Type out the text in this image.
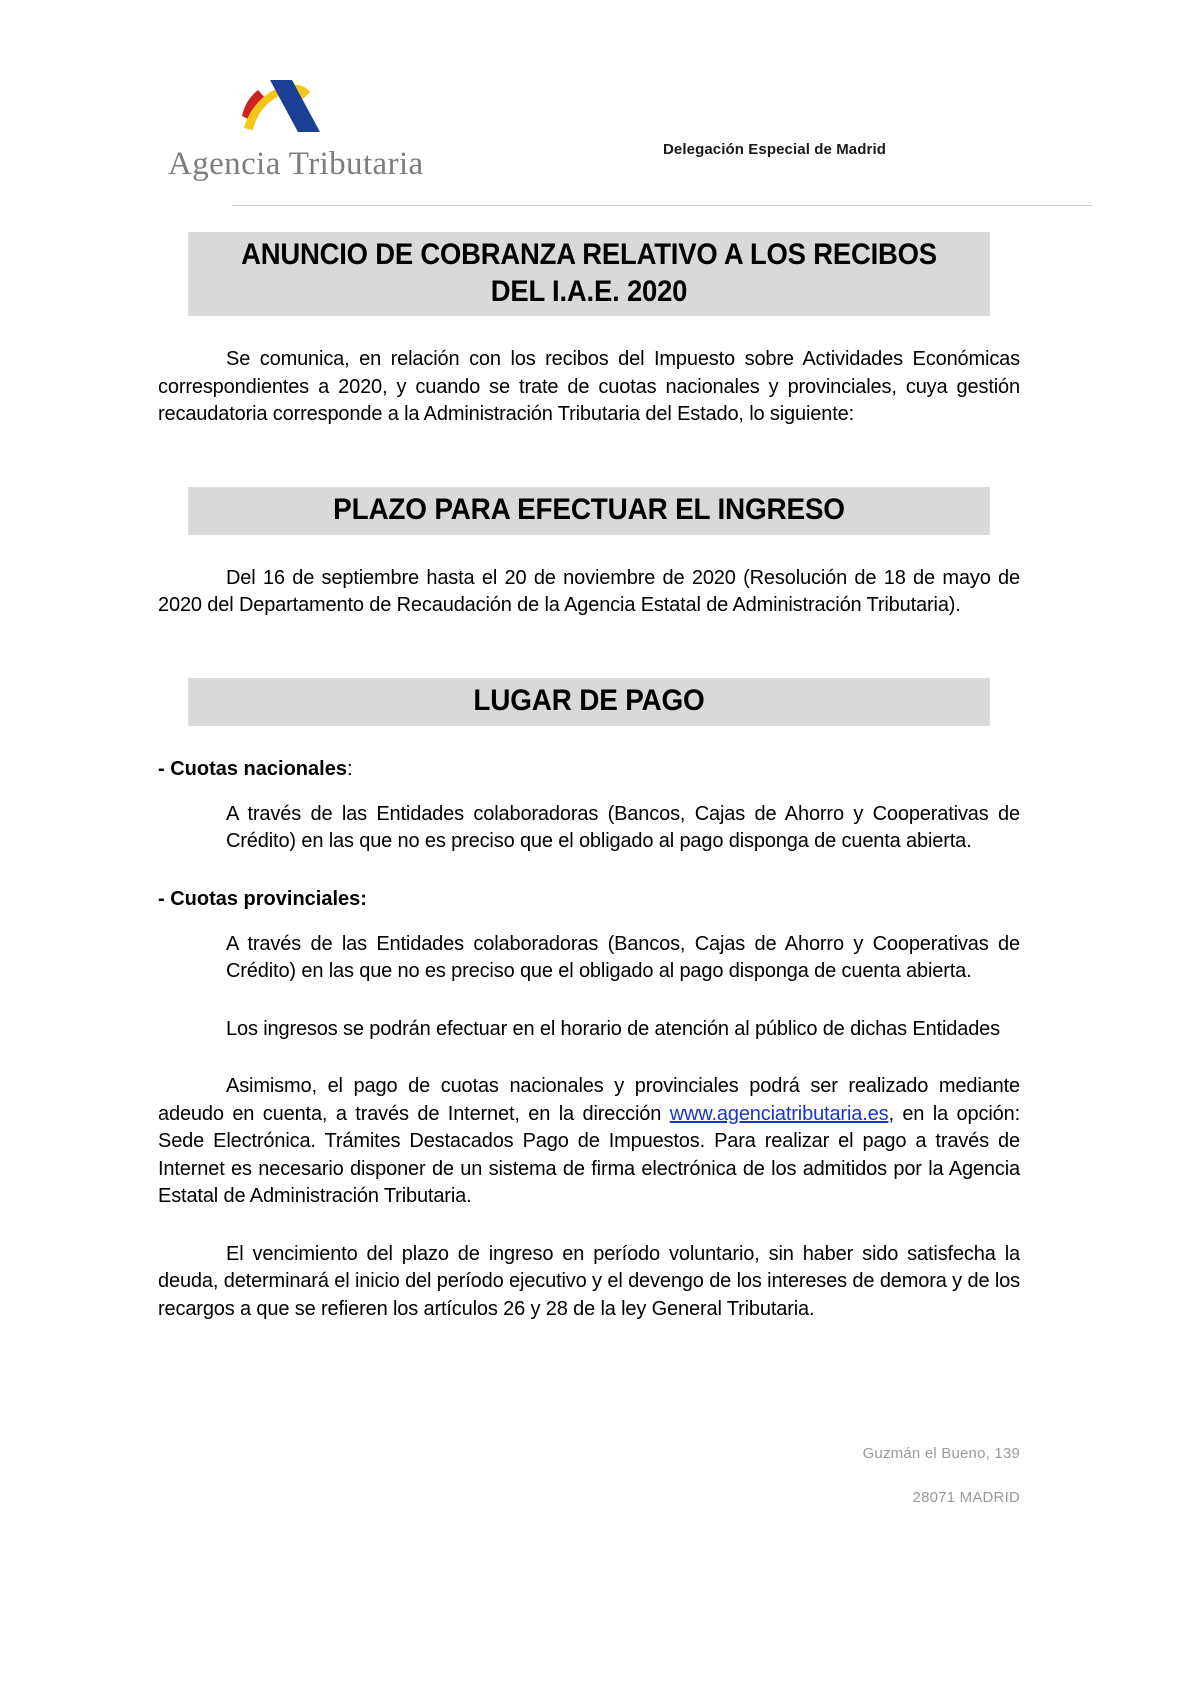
Agencia Tributaria	Delegación Especial de Madrid
ANUNCIO DE COBRANZA RELATIVO A LOS RECIBOS
DEL I.A.E. 2020

Se comunica, en relación con los recibos del Impuesto sobre Actividades Económicas correspondientes a 2020, y cuando se trate de cuotas nacionales y provinciales, cuya gestión recaudatoria corresponde a la Administración Tributaria del Estado, lo siguiente:

PLAZO PARA EFECTUAR EL INGRESO

Del 16 de septiembre hasta el 20 de noviembre de 2020 (Resolución de 18 de mayo de 2020 del Departamento de Recaudación de la Agencia Estatal de Administración Tributaria).

LUGAR DE PAGO

- Cuotas nacionales:

A través de las Entidades colaboradoras (Bancos, Cajas de Ahorro y Cooperativas de Crédito) en las que no es preciso que el obligado al pago disponga de cuenta abierta.

- Cuotas provinciales:

A través de las Entidades colaboradoras (Bancos, Cajas de Ahorro y Cooperativas de Crédito) en las que no es preciso que el obligado al pago disponga de cuenta abierta.

Los ingresos se podrán efectuar en el horario de atención al público de dichas Entidades

Asimismo, el pago de cuotas nacionales y provinciales podrá ser realizado mediante adeudo en cuenta, a través de Internet, en la dirección www.agenciatributaria.es, en la opción: Sede Electrónica. Trámites Destacados Pago de Impuestos. Para realizar el pago a través de Internet es necesario disponer de un sistema de firma electrónica de los admitidos por la Agencia Estatal de Administración Tributaria.

El vencimiento del plazo de ingreso en período voluntario, sin haber sido satisfecha la deuda, determinará el inicio del período ejecutivo y el devengo de los intereses de demora y de los recargos a que se refieren los artículos 26 y 28 de la ley General Tributaria.

Guzmán el Bueno, 139
28071 MADRID
